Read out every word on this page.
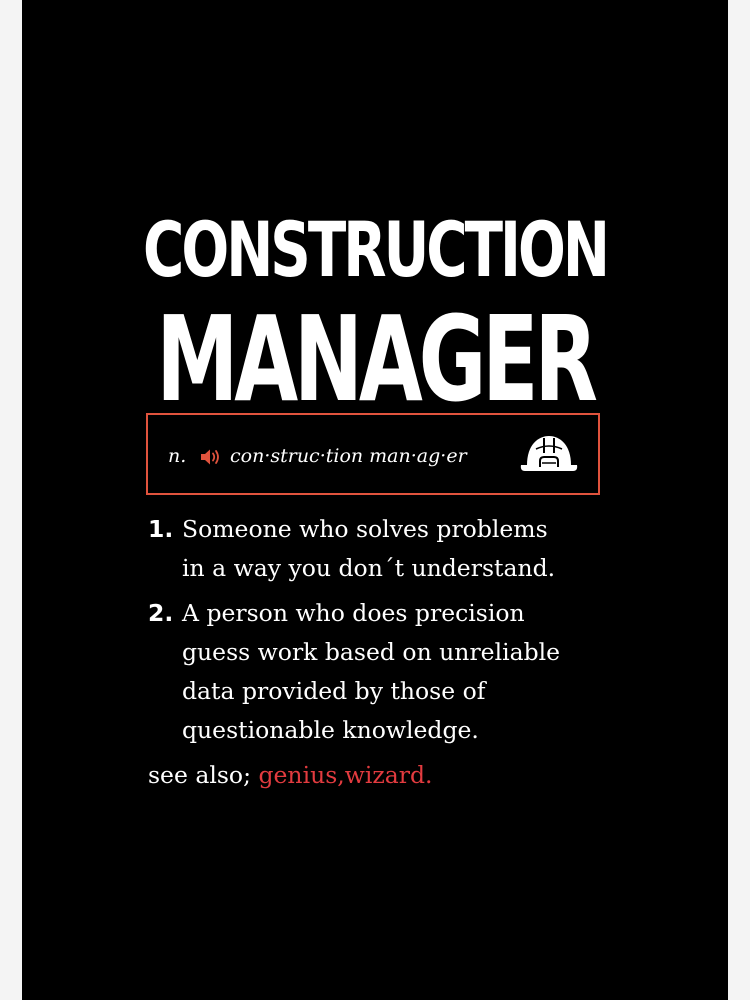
CONSTRUCTION
MANAGER
n. con·struc·tion man·ag·er
1. Someone who solves problems
in a way you don´t understand.
2. A person who does precision
guess work based on unreliable
data provided by those of
questionable knowledge.
see also; genius,wizard.
